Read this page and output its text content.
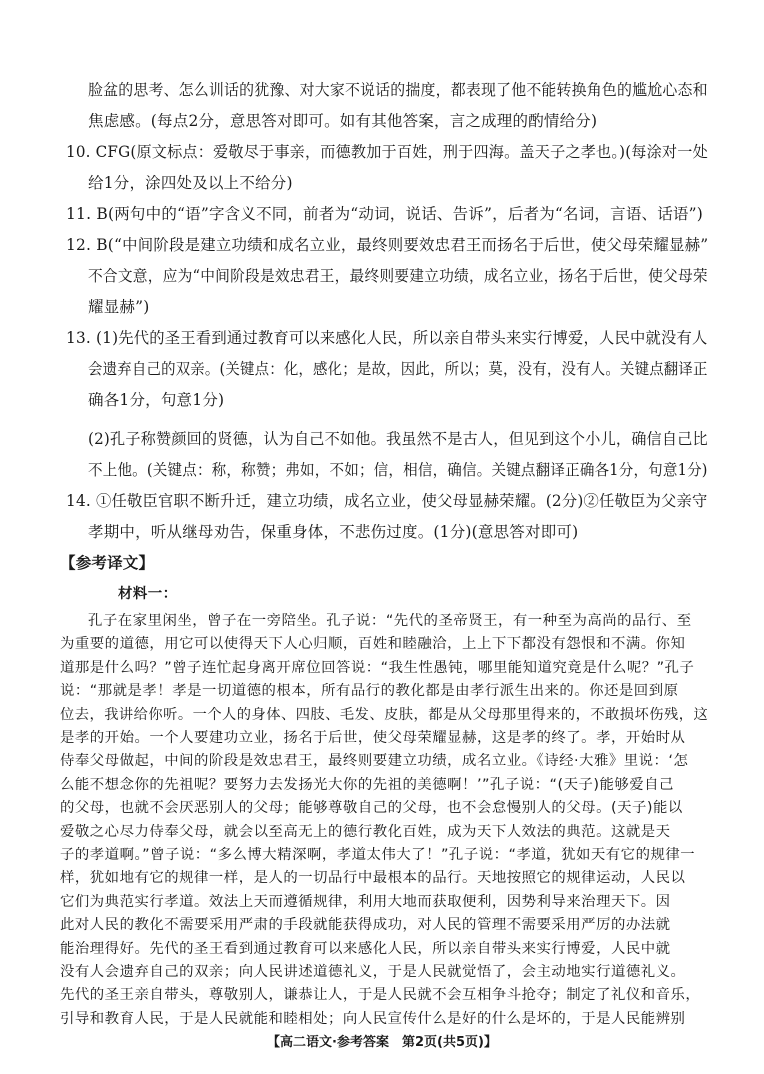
脸盆的思考、怎么训话的犹豫、对大家不说话的揣度，都表现了他不能转换角色的尴尬心态和
焦虑感。(每点2分，意思答对即可。如有其他答案，言之成理的酌情给分)
10. CFG(原文标点：爱敬尽于事亲，而德教加于百姓，刑于四海。盖天子之孝也。)(每涂对一处
给1分，涂四处及以上不给分)
11. B(两句中的“语”字含义不同，前者为“动词，说话、告诉”，后者为“名词，言语、话语”)
12. B(“中间阶段是建立功绩和成名立业，最终则要效忠君王而扬名于后世，使父母荣耀显赫”
不合文意，应为“中间阶段是效忠君王，最终则要建立功绩，成名立业，扬名于后世，使父母荣
耀显赫”)
13. (1)先代的圣王看到通过教育可以来感化人民，所以亲自带头来实行博爱，人民中就没有人
会遗弃自己的双亲。(关键点：化，感化；是故，因此，所以；莫，没有，没有人。关键点翻译正
确各1分，句意1分)
(2)孔子称赞颜回的贤德，认为自己不如他。我虽然不是古人，但见到这个小儿，确信自己比
不上他。(关键点：称，称赞；弗如，不如；信，相信，确信。关键点翻译正确各1分，句意1分)
14. ①任敬臣官职不断升迁，建立功绩，成名立业，使父母显赫荣耀。(2分)②任敬臣为父亲守
孝期中，听从继母劝告，保重身体，不悲伤过度。(1分)(意思答对即可)
【参考译文】
材料一：
孔子在家里闲坐，曾子在一旁陪坐。孔子说：“先代的圣帝贤王，有一种至为高尚的品行、至
为重要的道德，用它可以使得天下人心归顺，百姓和睦融洽，上上下下都没有怨恨和不满。你知
道那是什么吗？”曾子连忙起身离开席位回答说：“我生性愚钝，哪里能知道究竟是什么呢？”孔子
说：“那就是孝！孝是一切道德的根本，所有品行的教化都是由孝行派生出来的。你还是回到原
位去，我讲给你听。一个人的身体、四肢、毛发、皮肤，都是从父母那里得来的，不敢损坏伤残，这
是孝的开始。一个人要建功立业，扬名于后世，使父母荣耀显赫，这是孝的终了。孝，开始时从
侍奉父母做起，中间的阶段是效忠君王，最终则要建立功绩，成名立业。《诗经·大雅》里说：‘怎
么能不想念你的先祖呢？要努力去发扬光大你的先祖的美德啊！’”孔子说：“(天子)能够爱自己
的父母，也就不会厌恶别人的父母；能够尊敬自己的父母，也不会怠慢别人的父母。(天子)能以
爱敬之心尽力侍奉父母，就会以至高无上的德行教化百姓，成为天下人效法的典范。这就是天
子的孝道啊。”曾子说：“多么博大精深啊，孝道太伟大了！”孔子说：“孝道，犹如天有它的规律一
样，犹如地有它的规律一样，是人的一切品行中最根本的品行。天地按照它的规律运动，人民以
它们为典范实行孝道。效法上天而遵循规律，利用大地而获取便利，因势利导来治理天下。因
此对人民的教化不需要采用严肃的手段就能获得成功，对人民的管理不需要采用严厉的办法就
能治理得好。先代的圣王看到通过教育可以来感化人民，所以亲自带头来实行博爱，人民中就
【高二语文·参考答案　第2页(共5页)】
没有人会遗弃自己的双亲；向人民讲述道德礼义，于是人民就觉悟了，会主动地实行道德礼义。
先代的圣王亲自带头，尊敬别人，谦恭让人，于是人民就不会互相争斗抢夺；制定了礼仪和音乐，
引导和教育人民，于是人民就能和睦相处；向人民宣传什么是好的什么是坏的，于是人民能辨别
